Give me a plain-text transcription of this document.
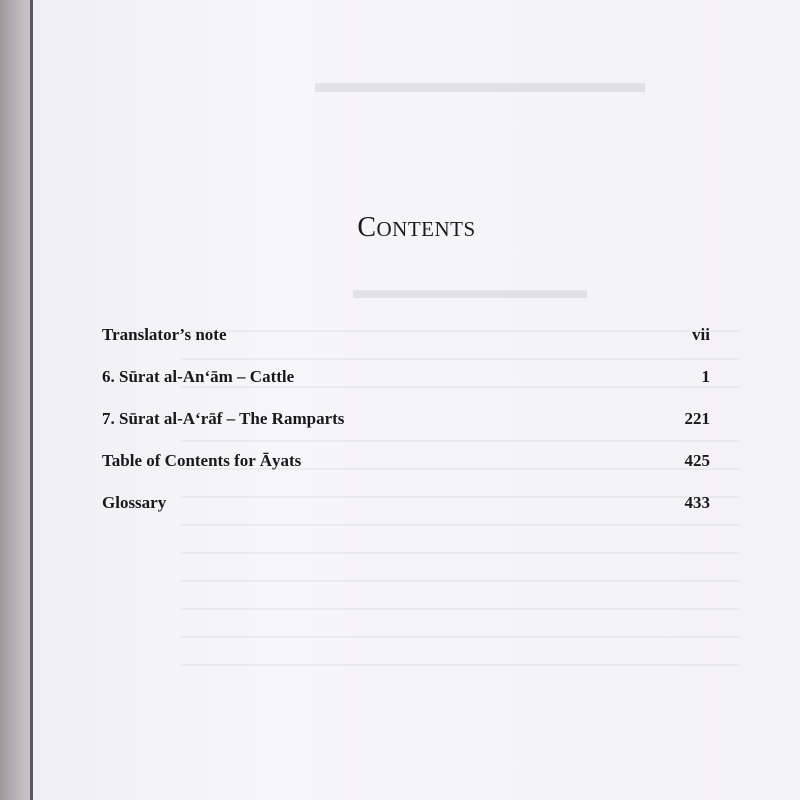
▬▬▬▬▬▬▬▬▬▬▬
▬▬▬▬▬▬▬▬▬
CONTENTS
Translator’s note	vii
6. Sūrat al-An‘ām – Cattle	1
7. Sūrat al-A‘rāf – The Ramparts	221
Table of Contents for Āyats	425
Glossary	433
